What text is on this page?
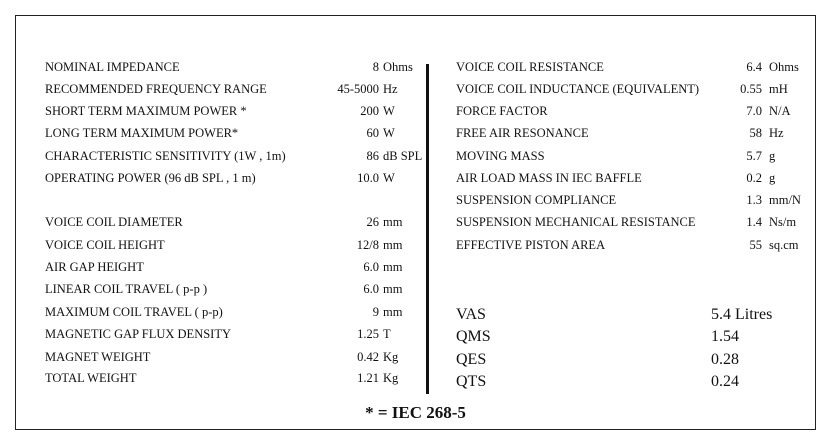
NOMINAL IMPEDANCE	8 Ohms
RECOMMENDED FREQUENCY RANGE	45-5000 Hz
SHORT TERM MAXIMUM POWER *	200 W
LONG TERM MAXIMUM POWER*	60 W
CHARACTERISTIC SENSITIVITY (1W , 1m)	86 dB SPL
OPERATING POWER (96 dB SPL , 1 m)	10.0 W
VOICE COIL DIAMETER	26 mm
VOICE COIL HEIGHT	12/8 mm
AIR GAP HEIGHT	6.0 mm
LINEAR COIL TRAVEL ( p-p )	6.0 mm
MAXIMUM COIL TRAVEL ( p-p)	9 mm
MAGNETIC GAP FLUX DENSITY	1.25 T
MAGNET WEIGHT	0.42 Kg
TOTAL WEIGHT	1.21 Kg
VOICE COIL RESISTANCE	6.4 Ohms
VOICE COIL INDUCTANCE (EQUIVALENT)	0.55 mH
FORCE FACTOR	7.0 N/A
FREE AIR RESONANCE	58 Hz
MOVING MASS	5.7 g
AIR LOAD MASS IN IEC BAFFLE	0.2 g
SUSPENSION COMPLIANCE	1.3 mm/N
SUSPENSION MECHANICAL RESISTANCE	1.4 Ns/m
EFFECTIVE PISTON AREA	55 sq.cm
VAS	5.4 Litres
QMS	1.54
QES	0.28
QTS	0.24
* = IEC 268-5
